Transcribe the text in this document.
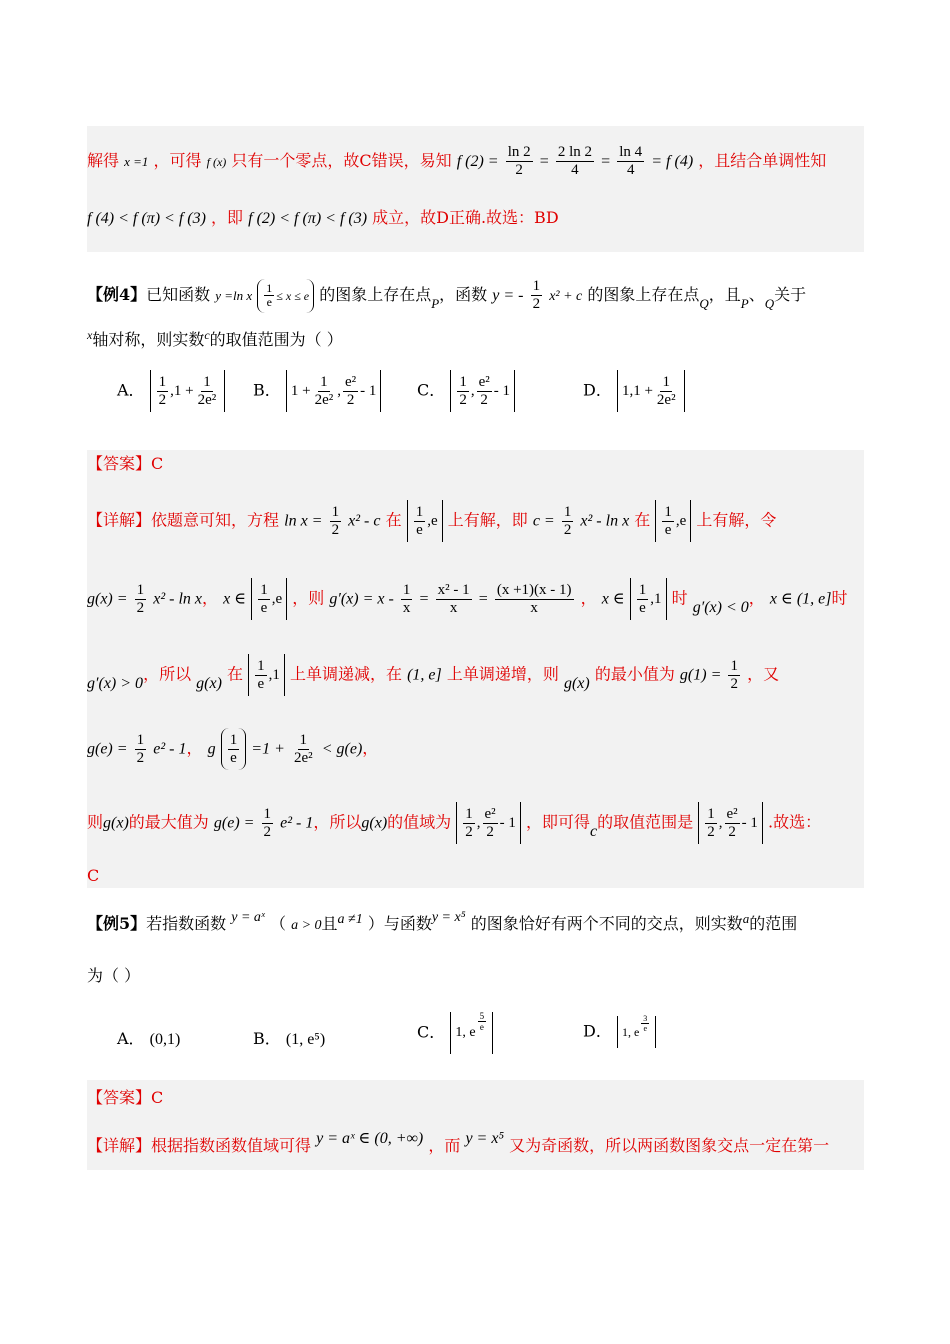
解得 x =1 ，可得 f (x) 只有一个零点，故C错误，易知 f $(2) = \frac{\ln 2}{2} = \frac{2 \ln 2}{4} = \frac{\ln 4}{4} = f$ (4) ，且结合单调性知
f (4) < f (π) < f (3) ，即 f (2) < f (π) < f (3) 成立，故D正确.故选：BD
【例4】已知函数 y =ln x $\frac{1}{e} \le x \le e$ 的图象上存在点$_P$，函数 y = - $\frac{1}{2} x^2 + c$ 的图象上存在点$_Q$，且$_P$、$_Q$关于
$^x$轴对称，则实数$^c$的取值范围为（ ）
A． $\frac{1}{2} ,1 + \frac{1}{\text{2e²}}$ B． $1 + \frac{1}{\text{2e²}}$ , $\frac{\text{e²}}{2} - 1$	C． $\frac{1}{2}$ , $\frac{\text{e²}}{2} - 1$	D． $1,1 + \frac{1}{\text{2e²}}$
【答案】C
【详解】依题意可知，方程 $\ln x = \frac{1}{2} x^2 - c$ 在 $\frac{1}{e} ,e$ 上有解，即 $c = \frac{1}{2} x^2 - \ln x$ 在 $\frac{1}{e} ,e$ 上有解，令
$g(x) = \frac{1}{2} x^2 - \ln x$， x ∈ $\frac{1}{e} ,e$ ，则 $g'(x) = x - \frac{1}{x} = \frac{\text{x² - 1}}{x} = \frac{(x +1)(x - 1)}{x}$ ， x ∈ $\frac{1}{e} ,1$ 时 g′(x) < 0， x ∈ (1, e]时
g′(x) > 0，所以 g(x) 在 $\frac{1}{e} ,1$ 上单调递减，在 (1, e] 上单调递增，则 g(x) 的最小值为 $g(1) = \frac{1}{2}$ ，又
$g(e) = \frac{1}{2} e^2 - 1$， g $\frac{1}{e} =1 + \frac{1}{\text{2e²}} < g(e)$，
则g(x)的最大值为 $g(e) = \frac{1}{2} e^2 - 1$，所以g(x)的值域为 $\frac{1}{2}$ , $\frac{\text{e²}}{2} - 1$ ，即可得c的取值范围是 $\frac{1}{2}$ , $\frac{\text{e²}}{2} - 1$ .故选：
C
【例5】若指数函数 y = aˣ （ a > 0且a ≠1 ）与函数y = x⁵ 的图象恰好有两个不同的交点，则实数$^a$的范围
为（ ）
A． (0,1)	B． (1, e⁵)	C． 1, e
$\frac{5}{e}$	D． 1, e $\frac{3}{e}$
【答案】C
【详解】根据指数函数值域可得 y = aˣ ∈ (0, +∞) ，而 y = x⁵ 又为奇函数，所以两函数图象交点一定在第一
